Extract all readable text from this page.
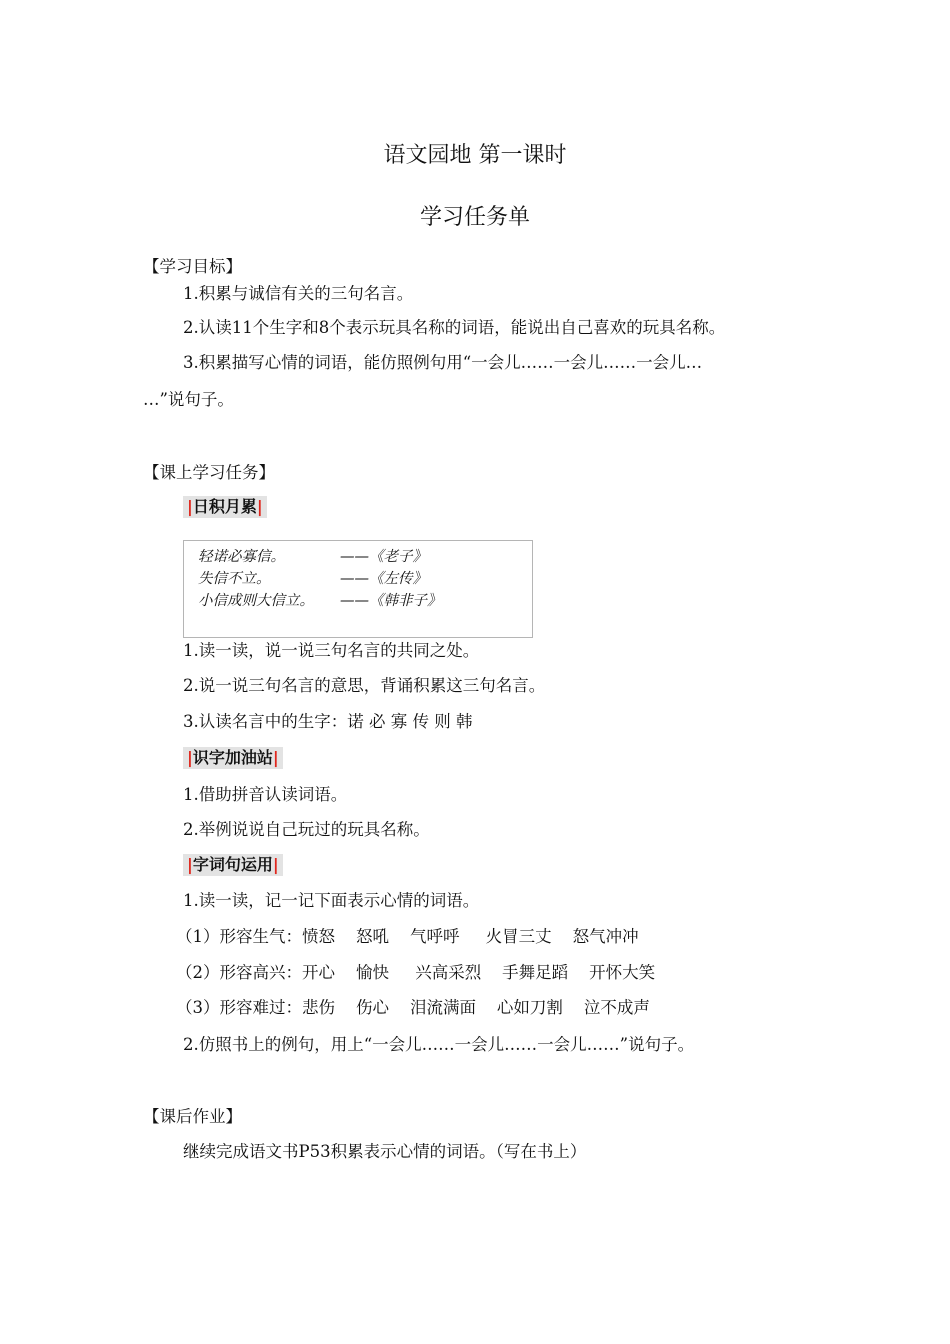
语文园地 第一课时
学习任务单
【学习目标】
1.积累与诚信有关的三句名言。
2.认读11个生字和8个表示玩具名称的词语，能说出自己喜欢的玩具名称。
3.积累描写心情的词语，能仿照例句用“一会儿……一会儿……一会儿…
…”说句子。
【课上学习任务】
|日积月累|
轻诺必寡信。	——《老子》
失信不立。	——《左传》
小信成则大信立。 ——《韩非子》
1.读一读，说一说三句名言的共同之处。
2.说一说三句名言的意思，背诵积累这三句名言。
3.认读名言中的生字：诺 必 寡 传 则 韩
|识字加油站|
1.借助拼音认读词语。
2.举例说说自己玩过的玩具名称。
|字词句运用|
1.读一读，记一记下面表示心情的词语。
（1）形容生气：愤怒    怒吼    气呼呼     火冒三丈    怒气冲冲
（2）形容高兴：开心    愉快     兴高采烈    手舞足蹈    开怀大笑
（3）形容难过：悲伤    伤心    泪流满面    心如刀割    泣不成声
2.仿照书上的例句，用上“一会儿……一会儿……一会儿……”说句子。
【课后作业】
继续完成语文书P53积累表示心情的词语。（写在书上）
